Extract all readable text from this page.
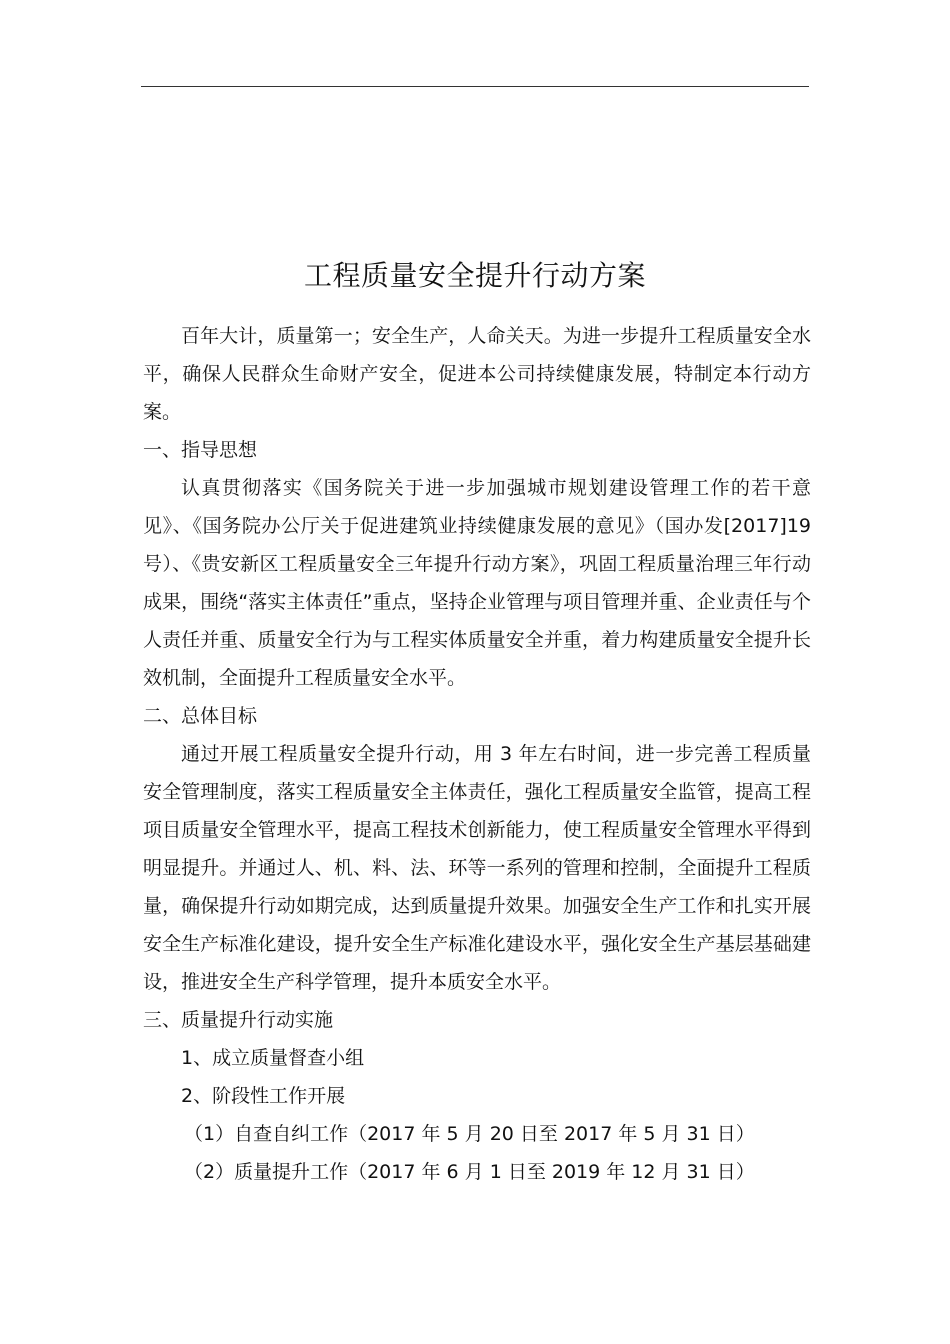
工程质量安全提升行动方案

百年大计，质量第一；安全生产，人命关天。为进一步提升工程质量安全水平，确保人民群众生命财产安全，促进本公司持续健康发展，特制定本行动方案。

一、指导思想

认真贯彻落实《国务院关于进一步加强城市规划建设管理工作的若干意见》、《国务院办公厅关于促进建筑业持续健康发展的意见》（国办发[2017]19 号）、《贵安新区工程质量安全三年提升行动方案》，巩固工程质量治理三年行动成果，围绕“落实主体责任”重点，坚持企业管理与项目管理并重、企业责任与个人责任并重、质量安全行为与工程实体质量安全并重，着力构建质量安全提升长效机制，全面提升工程质量安全水平。

二、总体目标

通过开展工程质量安全提升行动，用 3 年左右时间，进一步完善工程质量安全管理制度，落实工程质量安全主体责任，强化工程质量安全监管，提高工程项目质量安全管理水平，提高工程技术创新能力，使工程质量安全管理水平得到明显提升。并通过人、机、料、法、环等一系列的管理和控制，全面提升工程质量，确保提升行动如期完成，达到质量提升效果。加强安全生产工作和扎实开展安全生产标准化建设，提升安全生产标准化建设水平，强化安全生产基层基础建设，推进安全生产科学管理，提升本质安全水平。

三、质量提升行动实施

1、成立质量督查小组

2、阶段性工作开展

（1）自查自纠工作（2017 年 5 月 20 日至 2017 年 5 月 31 日）

（2）质量提升工作（2017 年 6 月 1 日至 2019 年 12 月 31 日）
